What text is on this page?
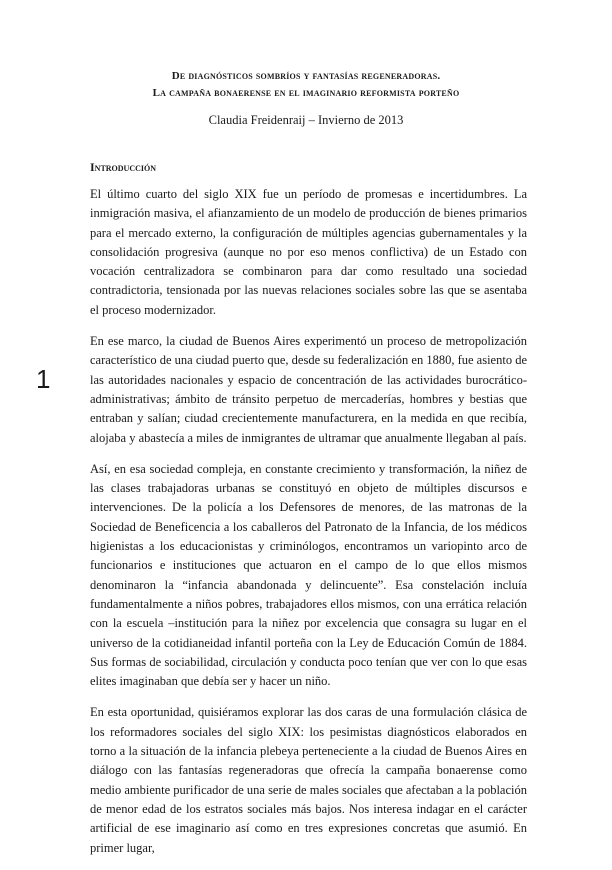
De diagnósticos sombríos y fantasías regeneradoras.
La campaña bonaerense en el imaginario reformista porteño
Claudia Freidenraij – Invierno de 2013
Introducción

El último cuarto del siglo XIX fue un período de promesas e incertidumbres. La inmigración masiva, el afianzamiento de un modelo de producción de bienes primarios para el mercado externo, la configuración de múltiples agencias gubernamentales y la consolidación progresiva (aunque no por eso menos conflictiva) de un Estado con vocación centralizadora se combinaron para dar como resultado una sociedad contradictoria, tensionada por las nuevas relaciones sociales sobre las que se asentaba el proceso modernizador.

En ese marco, la ciudad de Buenos Aires experimentó un proceso de metropolización característico de una ciudad puerto que, desde su federalización en 1880, fue asiento de las autoridades nacionales y espacio de concentración de las actividades burocrático-administrativas; ámbito de tránsito perpetuo de mercaderías, hombres y bestias que entraban y salían; ciudad crecientemente manufacturera, en la medida en que recibía, alojaba y abastecía a miles de inmigrantes de ultramar que anualmente llegaban al país.

Así, en esa sociedad compleja, en constante crecimiento y transformación, la niñez de las clases trabajadoras urbanas se constituyó en objeto de múltiples discursos e intervenciones. De la policía a los Defensores de menores, de las matronas de la Sociedad de Beneficencia a los caballeros del Patronato de la Infancia, de los médicos higienistas a los educacionistas y criminólogos, encontramos un variopinto arco de funcionarios e instituciones que actuaron en el campo de lo que ellos mismos denominaron la “infancia abandonada y delincuente”. Esa constelación incluía fundamentalmente a niños pobres, trabajadores ellos mismos, con una errática relación con la escuela –institución para la niñez por excelencia que consagra su lugar en el universo de la cotidianeidad infantil porteña con la Ley de Educación Común de 1884. Sus formas de sociabilidad, circulación y conducta poco tenían que ver con lo que esas elites imaginaban que debía ser y hacer un niño.

En esta oportunidad, quisiéramos explorar las dos caras de una formulación clásica de los reformadores sociales del siglo XIX: los pesimistas diagnósticos elaborados en torno a la situación de la infancia plebeya perteneciente a la ciudad de Buenos Aires en diálogo con las fantasías regeneradoras que ofrecía la campaña bonaerense como medio ambiente purificador de una serie de males sociales que afectaban a la población de menor edad de los estratos sociales más bajos. Nos interesa indagar en el carácter artificial de ese imaginario así como en tres expresiones concretas que asumió. En primer lugar,

1
